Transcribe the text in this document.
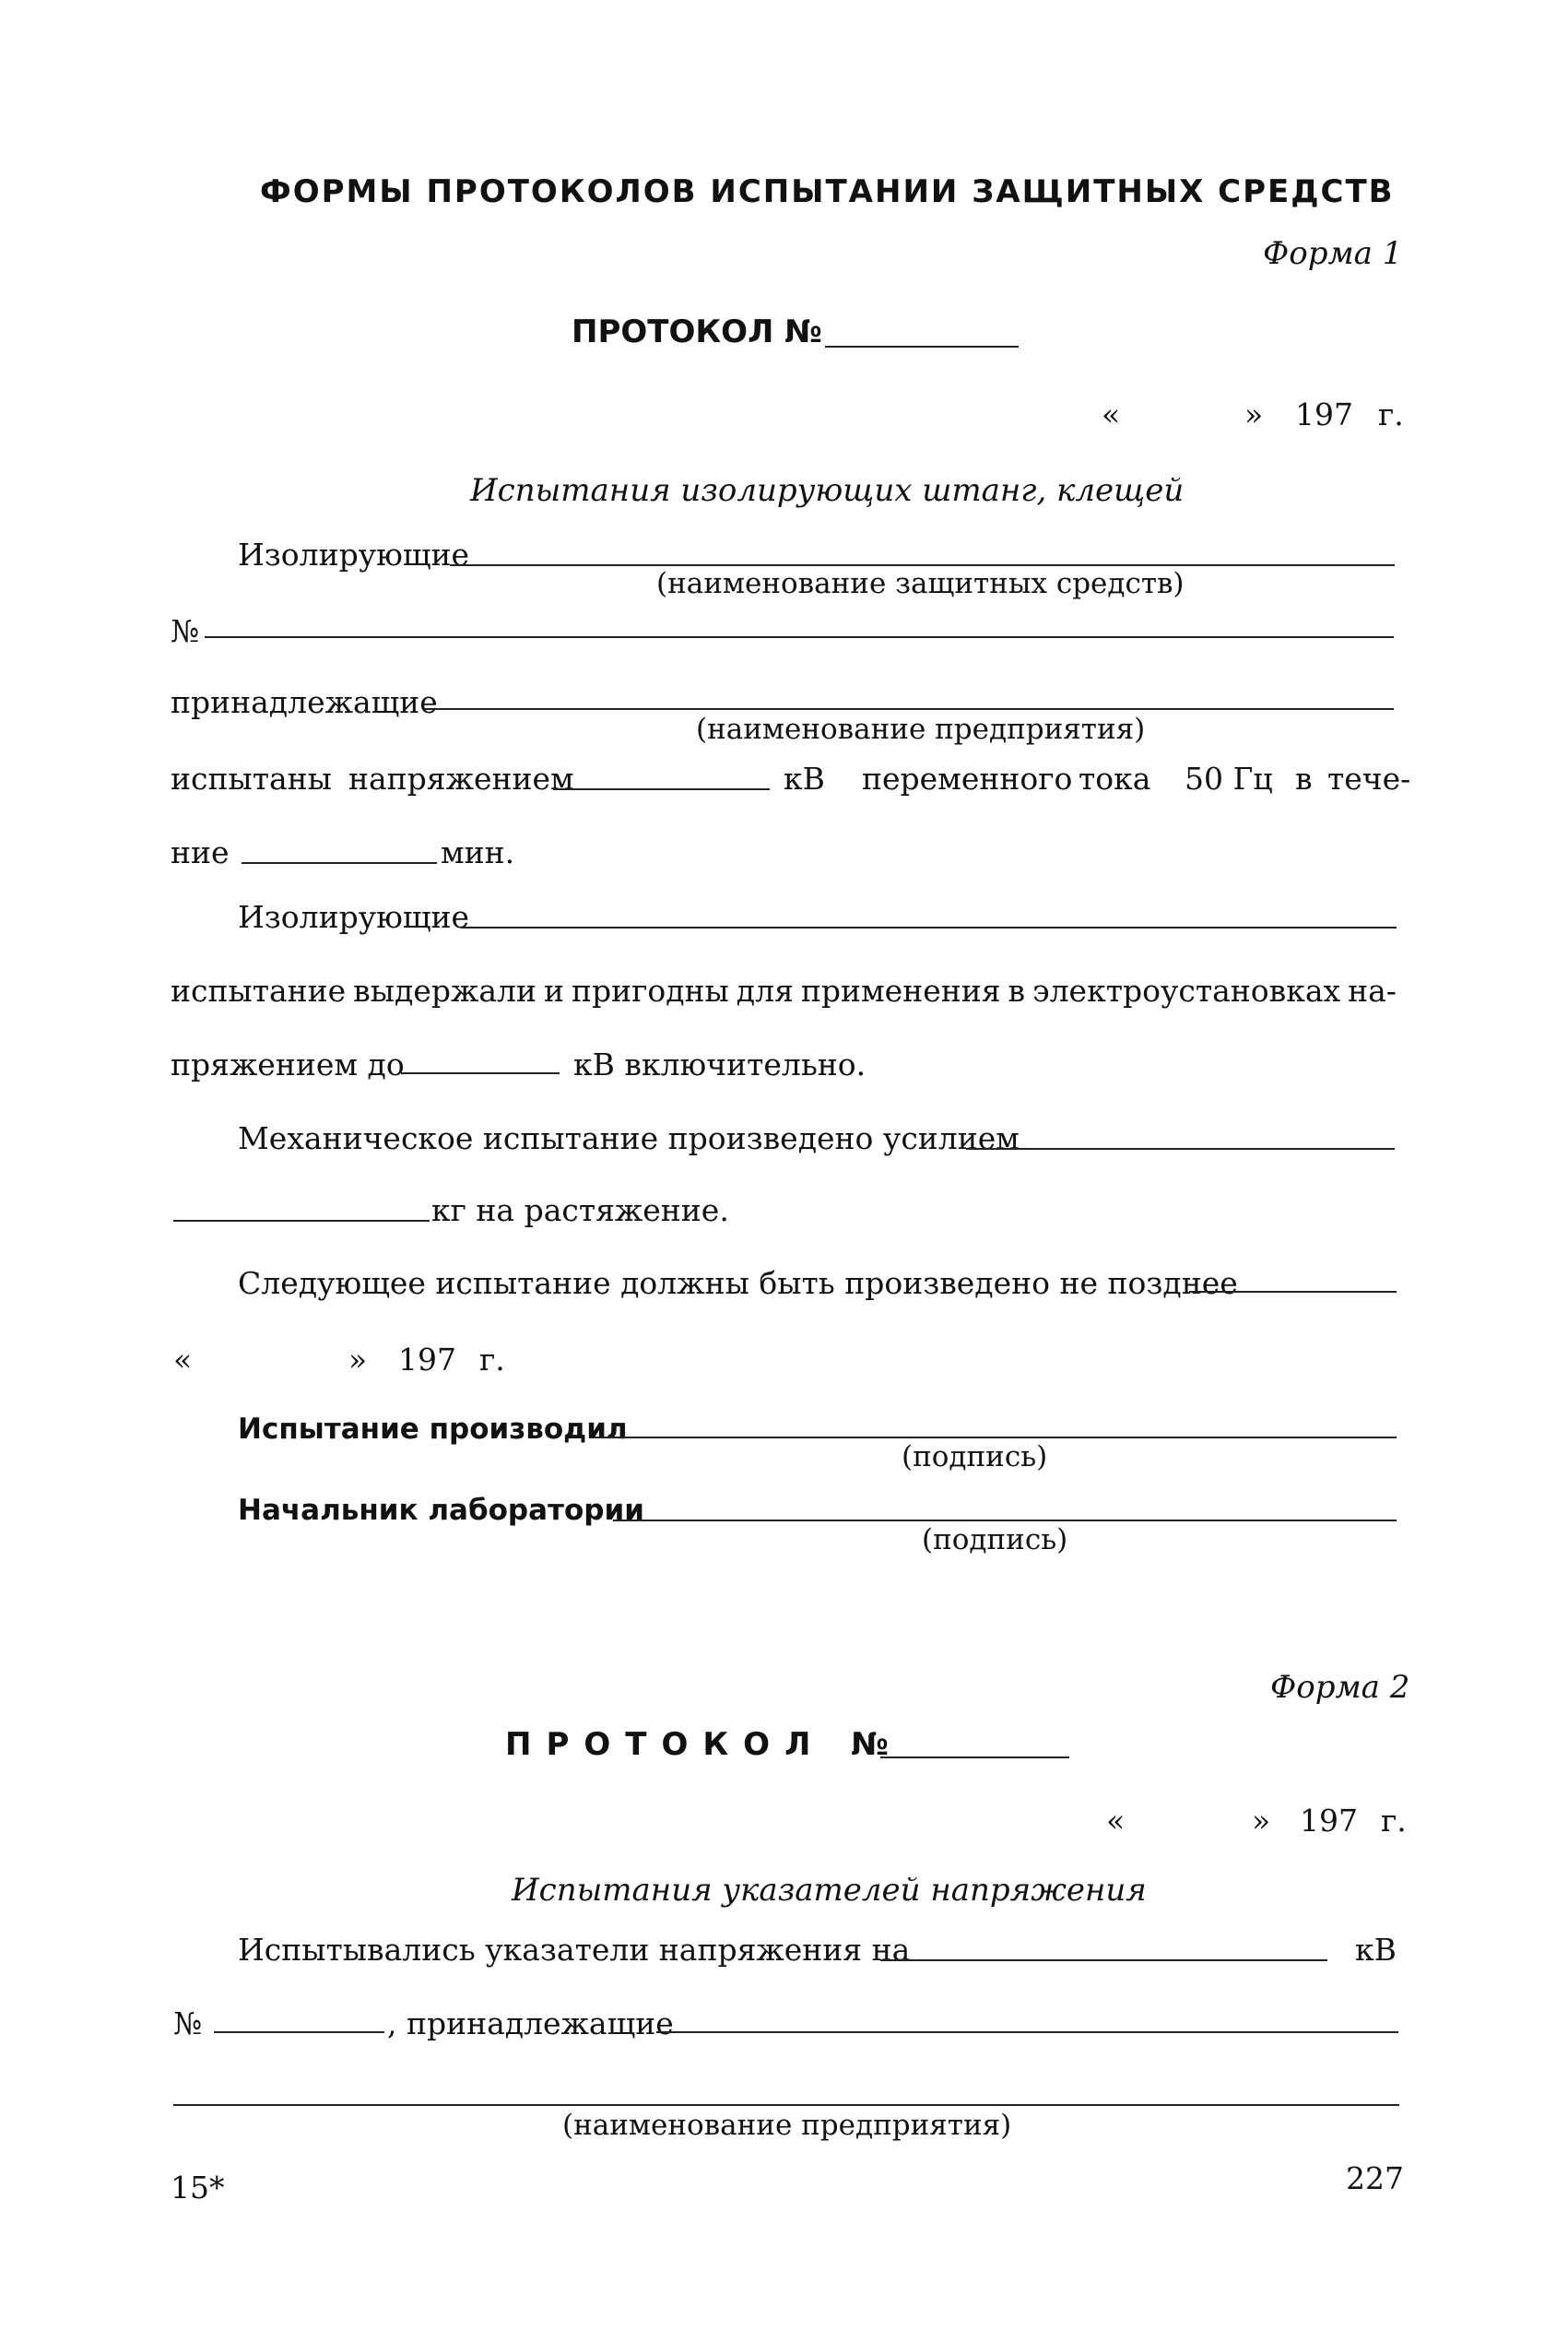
ФОРМЫ ПРОТОКОЛОВ ИСПЫТАНИИ ЗАЩИТНЫХ СРЕДСТВ
Форма 1
ПРОТОКОЛ №
«	» 197 г.
Испытания изолирующих штанг, клещей
Изолирующие
(наименование защитных средств)
№
принадлежащие
(наименование предприятия)
испытаны напряжением	кВ переменного тока 50 Гц в тече-
ние	мин.
Изолирующие
испытание выдержали и пригодны для применения в электроустановках на-
пряжением до	кВ включительно.
Механическое испытание произведено усилием
кг на растяжение.
Следующее испытание должны быть произведено не позднее
«	» 197 г.
Испытание производил
(подпись)
Начальник лаборатории
(подпись)
Форма 2
ПРОТОКОЛ №
«	» 197 г.
Испытания указателей напряжения
Испытывались указатели напряжения на	кВ
№	, принадлежащие
(наименование предприятия)
15*	227
